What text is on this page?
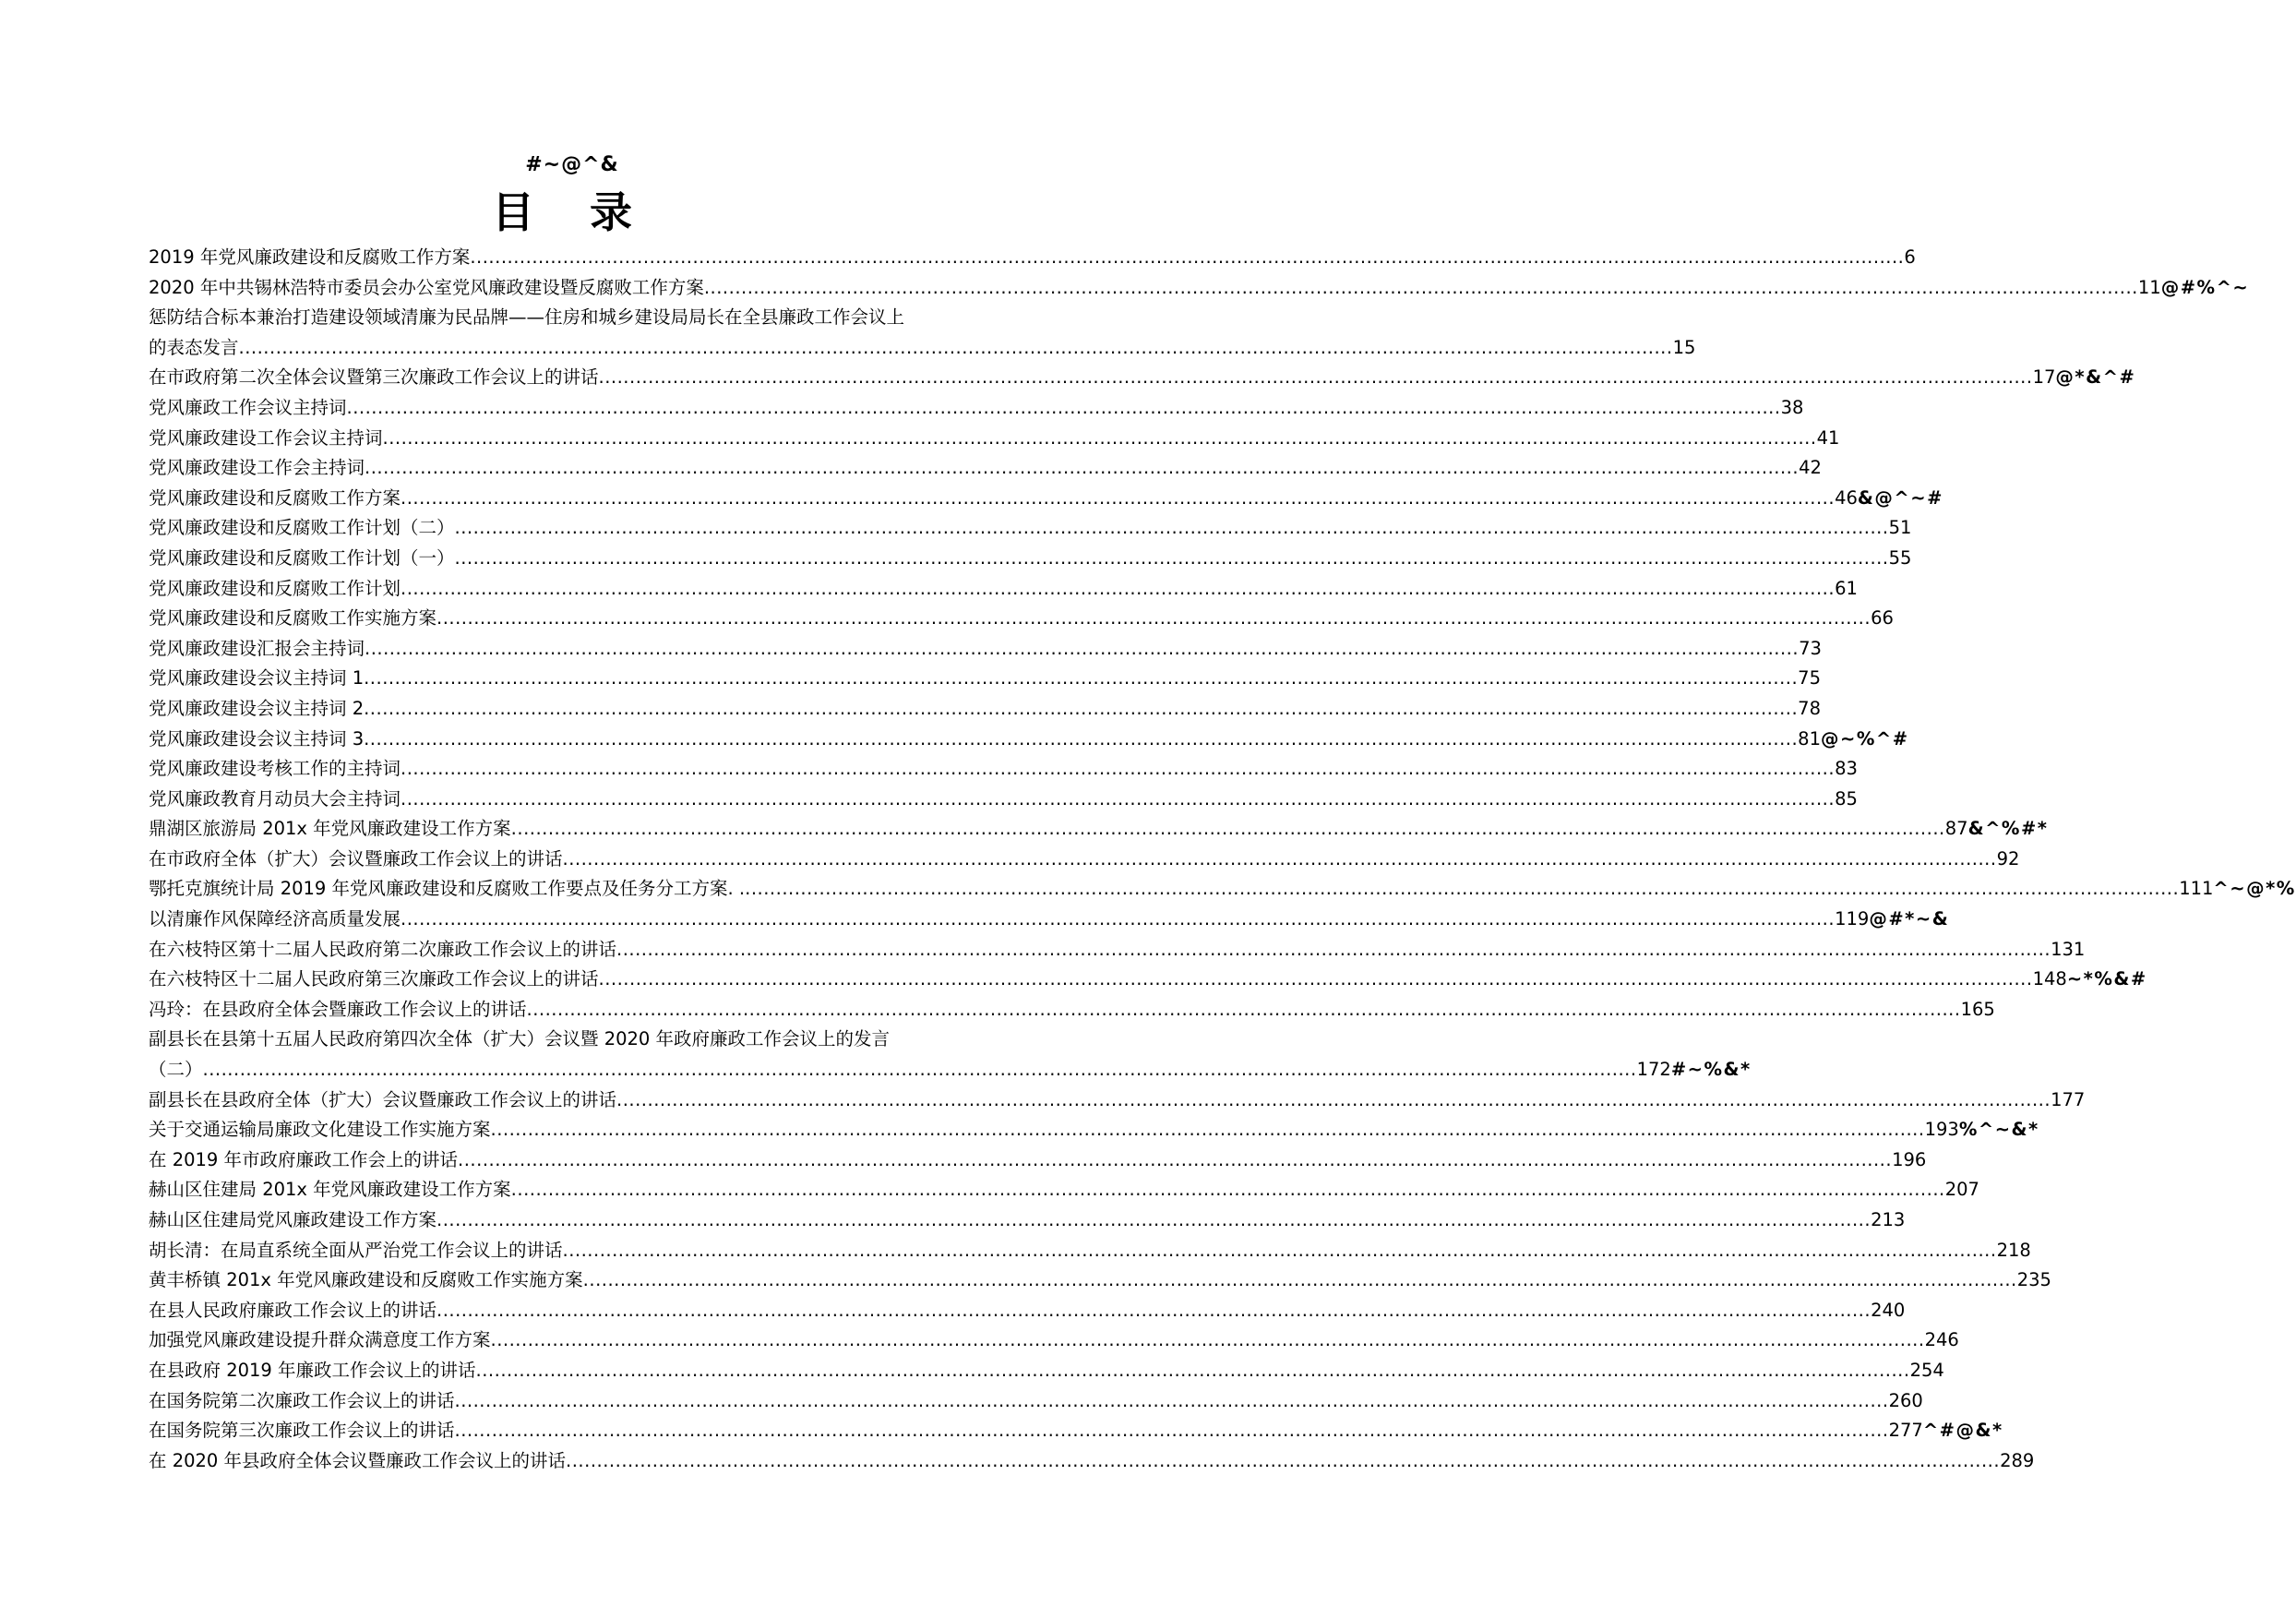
#~@^&
目 录
2019 年党风廉政建设和反腐败工作方案 .....	6
2020 年中共锡林浩特市委员会办公室党风廉政建设暨反腐败工作方案 .....	11 @#%^~
惩防结合标本兼治打造建设领域清廉为民品牌——住房和城乡建设局局长在全县廉政工作会议上
的表态发言 .....	15
在市政府第二次全体会议暨第三次廉政工作会议上的讲话 .....	17 @*&^#
党风廉政工作会议主持词 .....	38
党风廉政建设工作会议主持词 .....	41
党风廉政建设工作会主持词 .....	42
党风廉政建设和反腐败工作方案 .....	46 &@^~#
党风廉政建设和反腐败工作计划（二） .....	51
党风廉政建设和反腐败工作计划（一） .....	55
党风廉政建设和反腐败工作计划 .....	61
党风廉政建设和反腐败工作实施方案 .....	66
党风廉政建设汇报会主持词 .....	73
党风廉政建设会议主持词 1 .....	75
党风廉政建设会议主持词 2 .....	78
党风廉政建设会议主持词 3 .....	81 @~%^#
党风廉政建设考核工作的主持词 .....	83
党风廉政教育月动员大会主持词 .....	85
鼎湖区旅游局 201x 年党风廉政建设工作方案 .....	87 &^%#*
在市政府全体（扩大）会议暨廉政工作会议上的讲话 .....	92
鄂托克旗统计局 2019 年党风廉政建设和反腐败工作要点及任务分工方案. . .....	111 ^~@*%
以清廉作风保障经济高质量发展 .....	119 @#*~&
在六枝特区第十二届人民政府第二次廉政工作会议上的讲话 .....	131
在六枝特区十二届人民政府第三次廉政工作会议上的讲话 .....	148 ~*%&#
冯玲：在县政府全体会暨廉政工作会议上的讲话 .....	165
副县长在县第十五届人民政府第四次全体（扩大）会议暨 2020 年政府廉政工作会议上的发言
（二） .....	172 #~%&*
副县长在县政府全体（扩大）会议暨廉政工作会议上的讲话 .....	177
关于交通运输局廉政文化建设工作实施方案 .....	193 %^~&*
在 2019 年市政府廉政工作会上的讲话 .....	196
赫山区住建局 201x 年党风廉政建设工作方案 .....	207
赫山区住建局党风廉政建设工作方案 .....	213
胡长清：在局直系统全面从严治党工作会议上的讲话 .....	218
黄丰桥镇 201x 年党风廉政建设和反腐败工作实施方案 .....	235
在县人民政府廉政工作会议上的讲话 .....	240
加强党风廉政建设提升群众满意度工作方案 .....	246
在县政府 2019 年廉政工作会议上的讲话 .....	254
在国务院第二次廉政工作会议上的讲话 .....	260
在国务院第三次廉政工作会议上的讲话 .....	277 ^#@&*
在 2020 年县政府全体会议暨廉政工作会议上的讲话 .....	289
